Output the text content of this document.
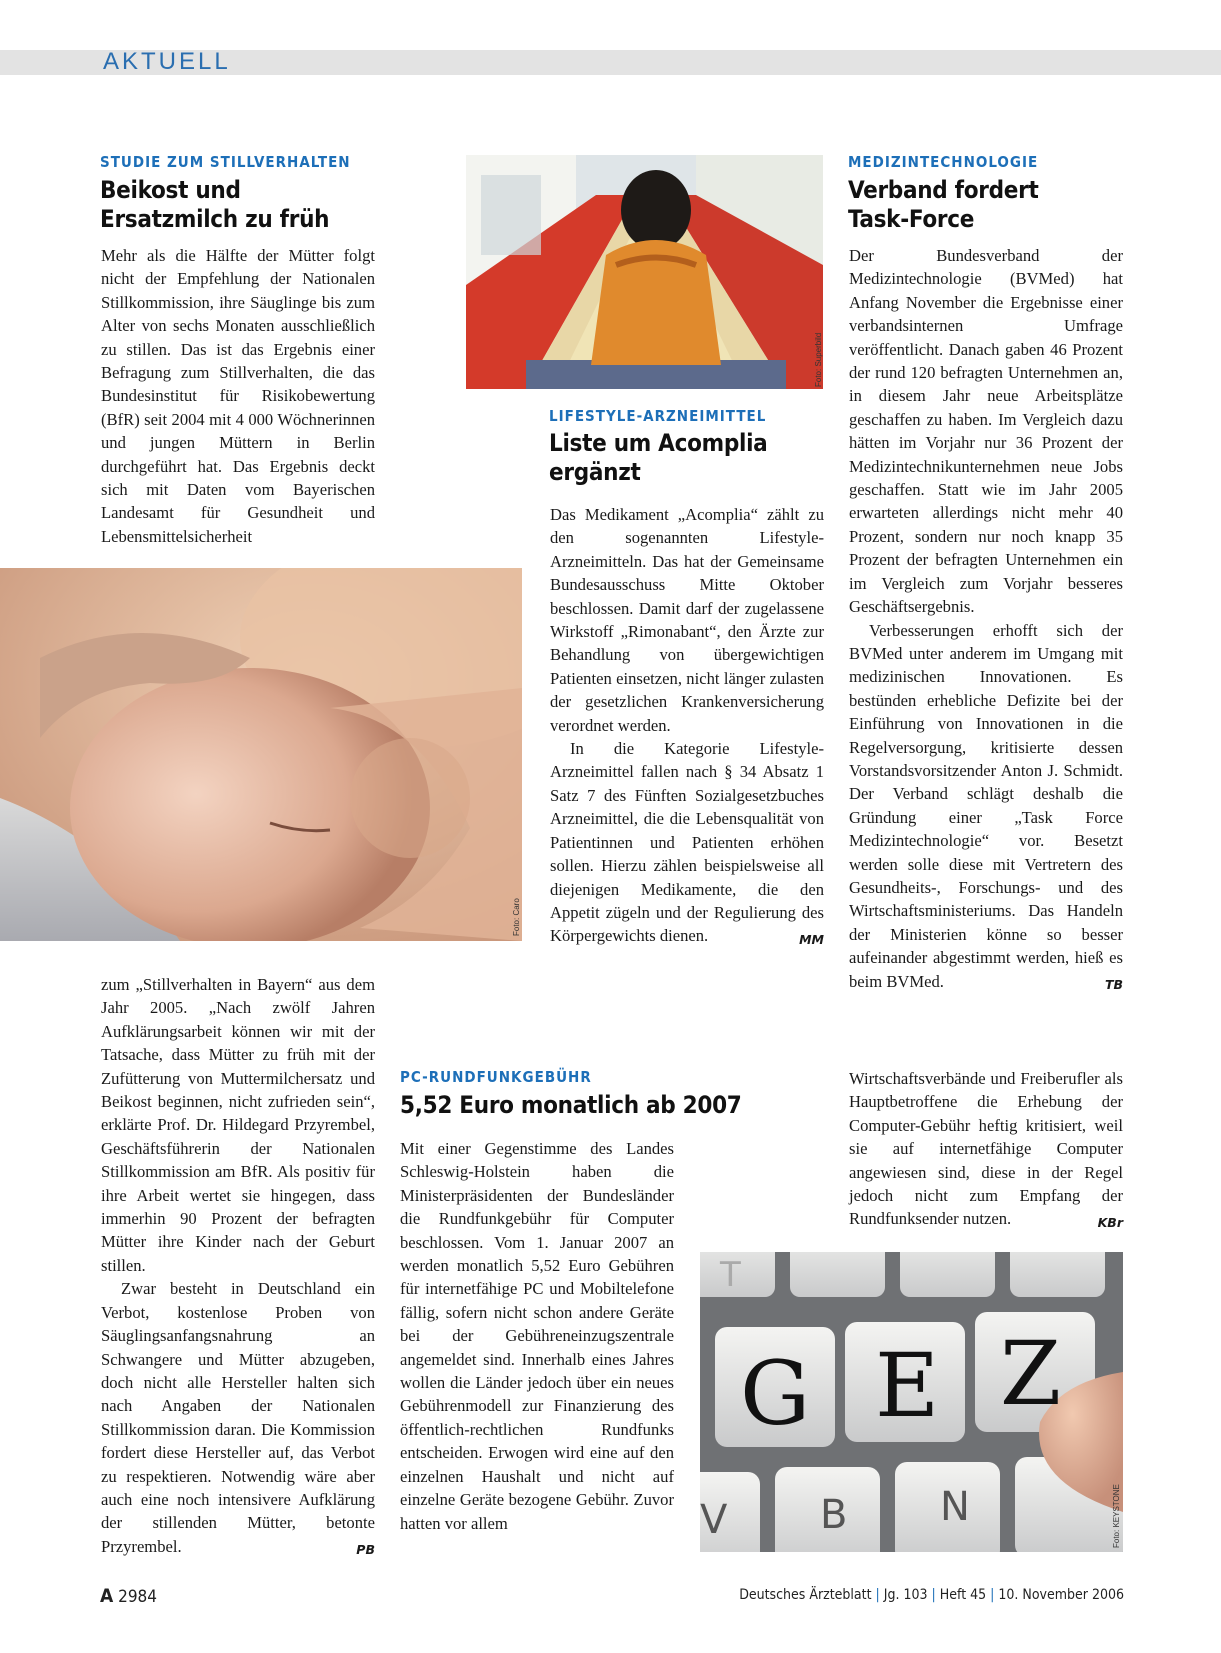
AKTUELL
STUDIE ZUM STILLVERHALTEN
Beikost und
Ersatzmilch zu früh

Mehr als die Hälfte der Mütter folgt nicht der Empfehlung der Nationalen Stillkommission, ihre Säuglinge bis zum Alter von sechs Monaten ausschließlich zu stillen. Das ist das Ergebnis einer Befragung zum Stillverhalten, die das Bundesinstitut für Risikobewertung (BfR) seit 2004 mit 4 000 Wöchnerinnen und jungen Müttern in Berlin durchgeführt hat. Das Ergebnis deckt sich mit Daten vom Bayerischen Landesamt für Gesundheit und Lebensmittelsicherheit

Foto: Caro

zum „Stillverhalten in Bayern“ aus dem Jahr 2005. „Nach zwölf Jahren Aufklärungsarbeit können wir mit der Tatsache, dass Mütter zu früh mit der Zufütterung von Muttermilchersatz und Beikost beginnen, nicht zufrieden sein“, erklärte Prof. Dr. Hildegard Przyrembel, Geschäftsführerin der Nationalen Stillkommission am BfR. Als positiv für ihre Arbeit wertet sie hingegen, dass immerhin 90 Prozent der befragten Mütter ihre Kinder nach der Geburt stillen.

Zwar besteht in Deutschland ein Verbot, kostenlose Proben von Säuglingsanfangsnahrung an Schwangere und Mütter abzugeben, doch nicht alle Hersteller halten sich nach Angaben der Nationalen Stillkommission daran. Die Kommission fordert diese Hersteller auf, das Verbot zu respektieren. Notwendig wäre aber auch eine noch intensivere Aufklärung der stillenden Mütter, betonte Przyrembel.	PB
Foto: Superbild
LIFESTYLE-ARZNEIMITTEL
Liste um Acomplia
ergänzt

Das Medikament „Acomplia“ zählt zu den sogenannten Lifestyle-Arzneimitteln. Das hat der Gemeinsame Bundesausschuss Mitte Oktober beschlossen. Damit darf der zugelassene Wirkstoff „Rimonabant“, den Ärzte zur Behandlung von übergewichtigen Patienten einsetzen, nicht länger zulasten der gesetzlichen Krankenversicherung verordnet werden.

In die Kategorie Lifestyle-Arzneimittel fallen nach § 34 Absatz 1 Satz 7 des Fünften Sozialgesetzbuches Arzneimittel, die die Lebensqualität von Patientinnen und Patienten erhöhen sollen. Hierzu zählen beispielsweise all diejenigen Medikamente, die den Appetit zügeln und der Regulierung des Körpergewichts dienen.	MM
MEDIZINTECHNOLOGIE
Verband fordert
Task-Force

Der Bundesverband der Medizintechnologie (BVMed) hat Anfang November die Ergebnisse einer verbandsinternen Umfrage veröffentlicht. Danach gaben 46 Prozent der rund 120 befragten Unternehmen an, in diesem Jahr neue Arbeitsplätze geschaffen zu haben. Im Vergleich dazu hätten im Vorjahr nur 36 Prozent der Medizintechnikunternehmen neue Jobs geschaffen. Statt wie im Jahr 2005 erwarteten allerdings nicht mehr 40 Prozent, sondern nur noch knapp 35 Prozent der befragten Unternehmen ein im Vergleich zum Vorjahr besseres Geschäftsergebnis.

Verbesserungen erhofft sich der BVMed unter anderem im Umgang mit medizinischen Innovationen. Es bestünden erhebliche Defizite bei der Einführung von Innovationen in die Regelversorgung, kritisierte dessen Vorstandsvorsitzender Anton J. Schmidt. Der Verband schlägt deshalb die Gründung einer „Task Force Medizintechnologie“ vor. Besetzt werden solle diese mit Vertretern des Gesundheits-, Forschungs- und des Wirtschaftsministeriums. Das Handeln der Ministerien könne so besser aufeinander abgestimmt werden, hieß es beim BVMed.	TB
PC-RUNDFUNKGEBÜHR
5,52 Euro monatlich ab 2007

Mit einer Gegenstimme des Landes Schleswig-Holstein haben die Ministerpräsidenten der Bundesländer die Rundfunkgebühr für Computer beschlossen. Vom 1. Januar 2007 an werden monatlich 5,52 Euro Gebühren für internetfähige PC und Mobiltelefone fällig, sofern nicht schon andere Geräte bei der Gebühreneinzugszentrale angemeldet sind. Innerhalb eines Jahres wollen die Länder jedoch über ein neues Gebührenmodell zur Finanzierung des öffentlich-rechtlichen Rundfunks entscheiden. Erwogen wird eine auf den einzelnen Haushalt und nicht auf einzelne Geräte bezogene Gebühr. Zuvor hatten vor allem

Wirtschaftsverbände und Freiberufler als Hauptbetroffene die Erhebung der Computer-Gebühr heftig kritisiert, weil sie auf internetfähige Computer angewiesen sind, diese in der Regel jedoch nicht zum Empfang der Rundfunksender nutzen.	KBr
T
G E Z
V B N	Foto: KEYSTONE
A 2984	Deutsches Ärzteblatt | Jg. 103 | Heft 45 | 10. November 2006
